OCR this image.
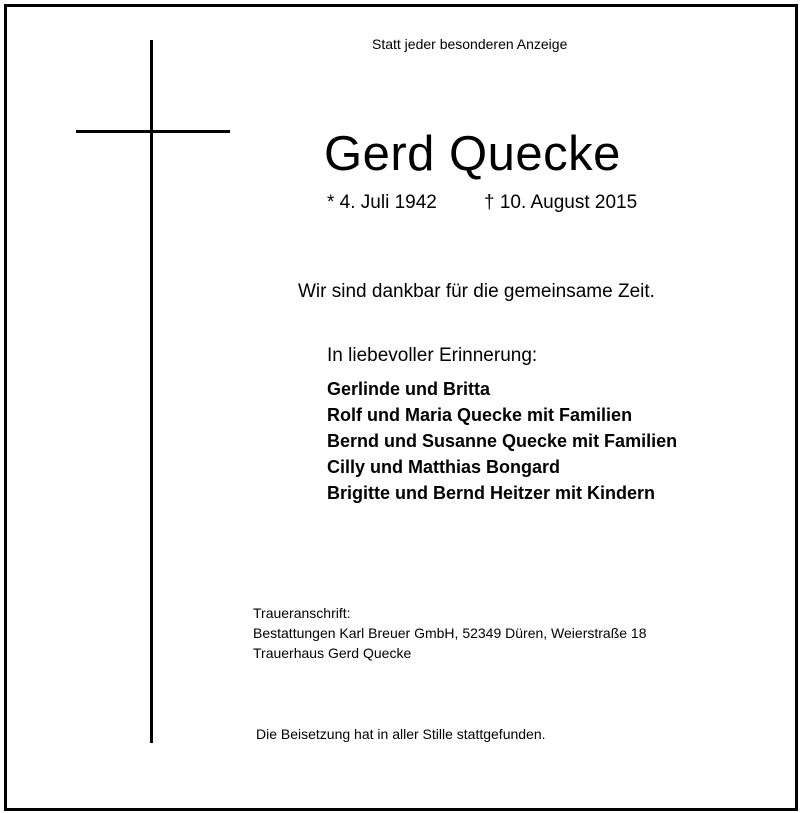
Statt jeder besonderen Anzeige
Gerd Quecke
* 4. Juli 1942 † 10. August 2015
Wir sind dankbar für die gemeinsame Zeit.
In liebevoller Erinnerung:
Gerlinde und Britta
Rolf und Maria Quecke mit Familien
Bernd und Susanne Quecke mit Familien
Cilly und Matthias Bongard
Brigitte und Bernd Heitzer mit Kindern
Traueranschrift:
Bestattungen Karl Breuer GmbH, 52349 Düren, Weierstraße 18
Trauerhaus Gerd Quecke
Die Beisetzung hat in aller Stille stattgefunden.
